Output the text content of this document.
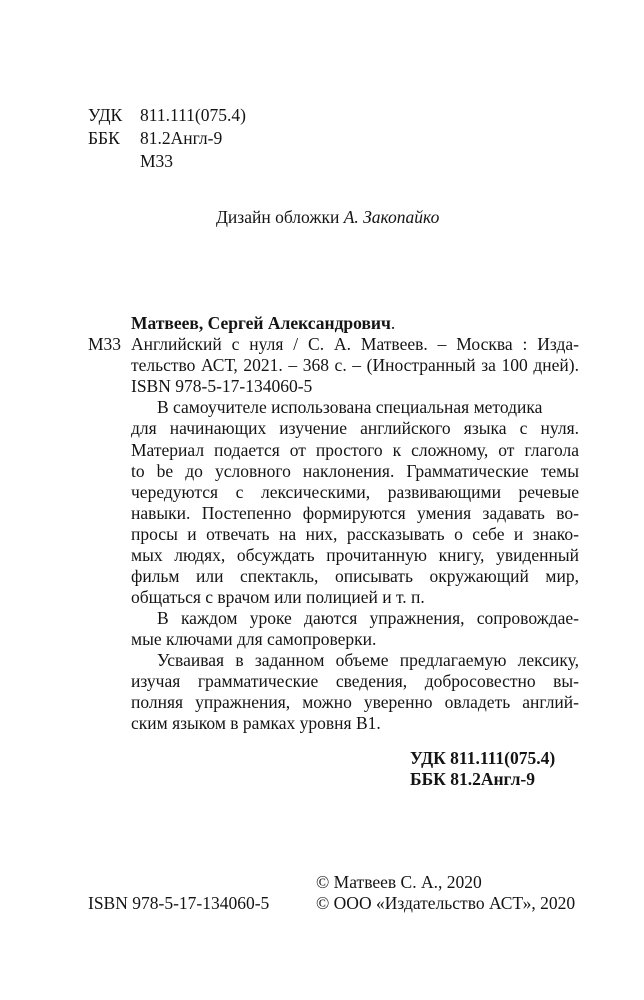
УДК 811.111(075.4)
ББК 81.2Англ-9
М33
Дизайн обложки А. Закопайко
Матвеев, Сергей Александрович.
М33 Английский с нуля / С. А. Матвеев. – Москва : Изда-
тельство АСТ, 2021. – 368 с. – (Иностранный за 100 дней).
ISBN 978-5-17-134060-5
В самоучителе использована специальная методика
для начинающих изучение английского языка с нуля.
Материал подается от простого к сложному, от глагола
to be до условного наклонения. Грамматические темы
чередуются с лексическими, развивающими речевые
навыки. Постепенно формируются умения задавать во-
просы и отвечать на них, рассказывать о себе и знако-
мых людях, обсуждать прочитанную книгу, увиденный
фильм или спектакль, описывать окружающий мир,
общаться с врачом или полицией и т. п.
В каждом уроке даются упражнения, сопровождае-
мые ключами для самопроверки.
Усваивая в заданном объеме предлагаемую лексику,
изучая грамматические сведения, добросовестно вы-
полняя упражнения, можно уверенно овладеть англий-
ским языком в рамках уровня В1.
УДК 811.111(075.4)
ББК 81.2Англ-9
© Матвеев С. А., 2020
ISBN 978-5-17-134060-5	© ООО «Издательство АСТ», 2020
